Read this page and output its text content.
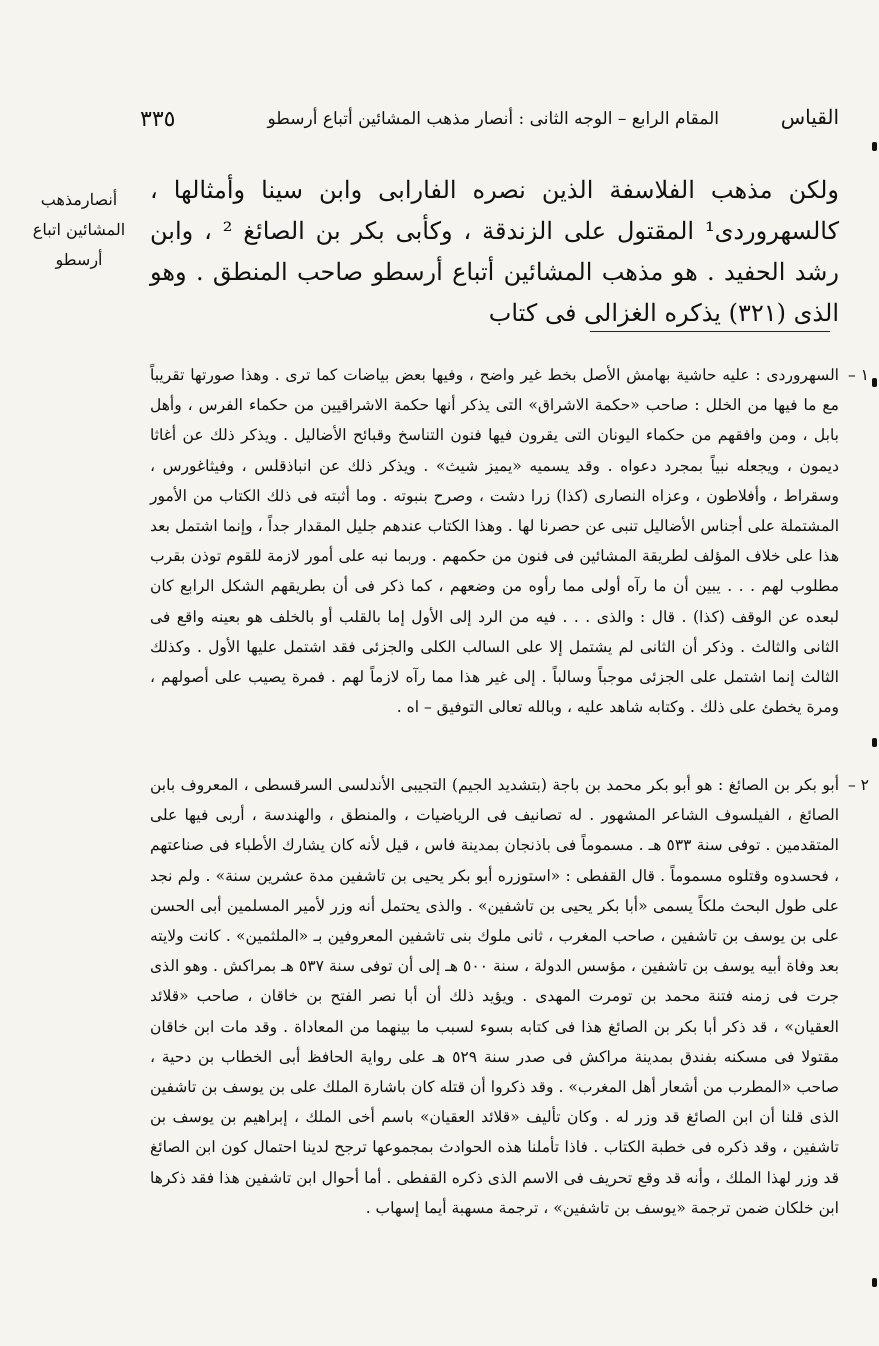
القياس
المقام الرابع – الوجه الثانى : أنصار مذهب المشائين أتباع أرسطو
٣٣٥
أنصارمذهب المشائين اتباع أرسطو
ولكن مذهب الفلاسفة الذين نصره الفارابى وابن سينا وأمثالها ، كالسهروردى¹ المقتول على الزندقة ، وكأبى بكر بن الصائغ ² ، وابن رشد الحفيد . هو مذهب المشائين أتباع أرسطو صاحب المنطق . وهو الذى (٣٢١) يذكره الغزالى فى كتاب
١ –
السهروردى : عليه حاشية بهامش الأصل بخط غير واضح ، وفيها بعض بياضات كما ترى . وهذا صورتها تقريباً مع ما فيها من الخلل : صاحب «حكمة الاشراق» التى يذكر أنها حكمة الاشراقيين من حكماء الفرس ، وأهل بابل ، ومن وافقهم من حكماء اليونان التى يقرون فيها فنون التناسخ وقبائح الأضاليل . ويذكر ذلك عن أغاثا ديمون ، ويجعله نبياً بمجرد دعواه . وقد يسميه «يميز شيث» . ويذكر ذلك عن انباذقلس ، وفيثاغورس ، وسقراط ، وأفلاطون ، وعزاه النصارى (كذا) زرا دشت ، وصرح بنبوته . وما أثبته فى ذلك الكتاب من الأمور المشتملة على أجناس الأضاليل تنبى عن حصرنا لها . وهذا الكتاب عندهم جليل المقدار جداً ، وإنما اشتمل بعد هذا على خلاف المؤلف لطريقة المشائين فى فنون من حكمهم . وربما نبه على أمور لازمة للقوم توذن بقرب مطلوب لهم . . . يبين أن ما رآه أولى مما رأوه من وضعهم ، كما ذكر فى أن بطريقهم الشكل الرابع كان لبعده عن الوقف (كذا) . قال : والذى . . . فيه من الرد إلى الأول إما بالقلب أو بالخلف هو بعينه واقع فى الثانى والثالث . وذكر أن الثانى لم يشتمل إلا على السالب الكلى والجزئى فقد اشتمل عليها الأول . وكذلك الثالث إنما اشتمل على الجزئى موجباً وسالباً . إلى غير هذا مما رآه لازماً لهم . فمرة يصيب على أصولهم ، ومرة يخطئ على ذلك . وكتابه شاهد عليه ، وبالله تعالى التوفيق – اه .
٢ –
أبو بكر بن الصائغ : هو أبو بكر محمد بن باجة (بتشديد الجيم) التجيبى الأندلسى السرقسطى ، المعروف بابن الصائغ ، الفيلسوف الشاعر المشهور . له تصانيف فى الرياضيات ، والمنطق ، والهندسة ، أربى فيها على المتقدمين . توفى سنة ٥٣٣ هـ . مسموماً فى باذنجان بمدينة فاس ، قيل لأنه كان يشارك الأطباء فى صناعتهم ، فحسدوه وقتلوه مسموماً . قال القفطى : «استوزره أبو بكر يحيى بن تاشفين مدة عشرين سنة» . ولم نجد على طول البحث ملكاً يسمى «أبا بكر يحيى بن تاشفين» . والذى يحتمل أنه وزر لأمير المسلمين أبى الحسن على بن يوسف بن تاشفين ، صاحب المغرب ، ثانى ملوك بنى تاشفين المعروفين بـ «الملثمين» . كانت ولايته بعد وفاة أبيه يوسف بن تاشفين ، مؤسس الدولة ، سنة ٥٠٠ هـ إلى أن توفى سنة ٥٣٧ هـ بمراكش . وهو الذى جرت فى زمنه فتنة محمد بن تومرت المهدى . ويؤيد ذلك أن أبا نصر الفتح بن خاقان ، صاحب «قلائد العقيان» ، قد ذكر أبا بكر بن الصائغ هذا فى كتابه بسوء لسبب ما بينهما من المعاداة . وقد مات ابن خاقان مقتولا فى مسكنه بفندق بمدينة مراكش فى صدر سنة ٥٢٩ هـ على رواية الحافظ أبى الخطاب بن دحية ، صاحب «المطرب من أشعار أهل المغرب» . وقد ذكروا أن قتله كان باشارة الملك على بن يوسف بن تاشفين الذى قلنا أن ابن الصائغ قد وزر له . وكان تأليف «قلائد العقيان» باسم أخى الملك ، إبراهيم بن يوسف بن تاشفين ، وقد ذكره فى خطبة الكتاب . فاذا تأملنا هذه الحوادث بمجموعها ترجح لدينا احتمال كون ابن الصائغ قد وزر لهذا الملك ، وأنه قد وقع تحريف فى الاسم الذى ذكره القفطى . أما أحوال ابن تاشفين هذا فقد ذكرها ابن خلكان ضمن ترجمة «يوسف بن تاشفين» ، ترجمة مسهبة أيما إسهاب .
